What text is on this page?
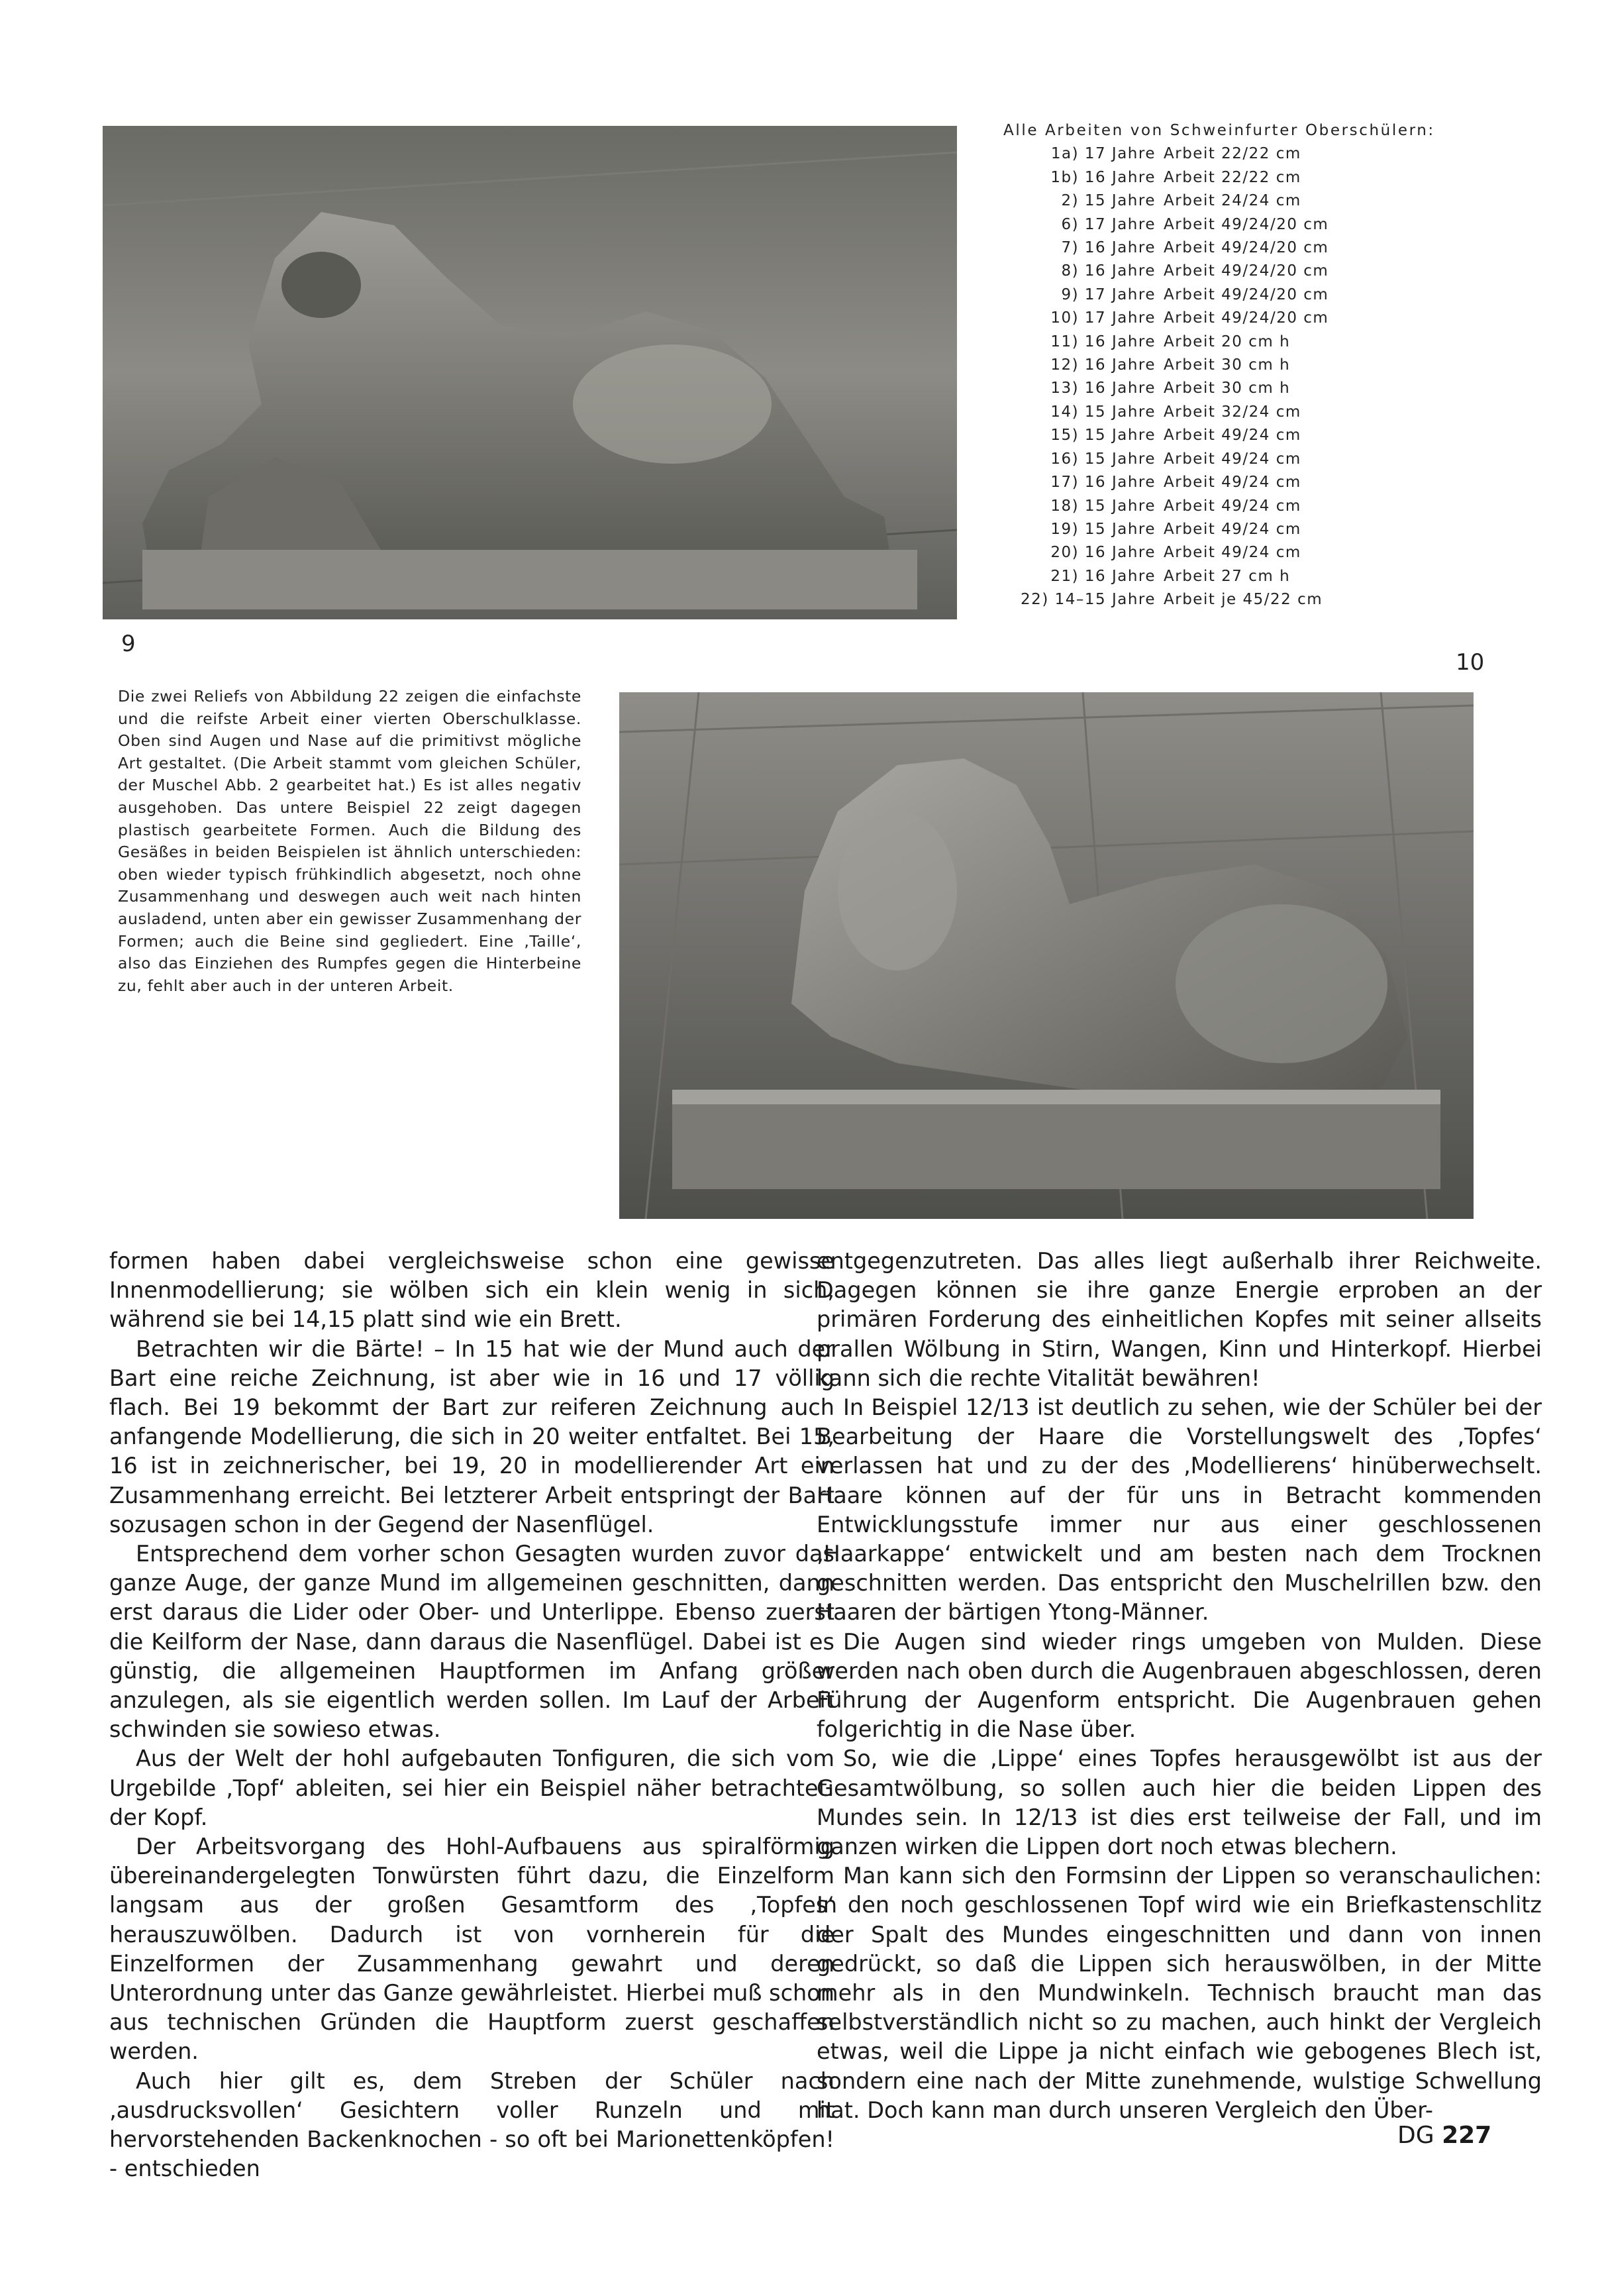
9
Alle Arbeiten von Schweinfurter Oberschülern:
1a) 17 Jahre	Arbeit 22/22 cm
1b) 16 Jahre	Arbeit 22/22 cm
2) 15 Jahre	Arbeit 24/24 cm
6) 17 Jahre	Arbeit 49/24/20 cm
7) 16 Jahre	Arbeit 49/24/20 cm
8) 16 Jahre	Arbeit 49/24/20 cm
9) 17 Jahre	Arbeit 49/24/20 cm
10) 17 Jahre	Arbeit 49/24/20 cm
11) 16 Jahre	Arbeit 20 cm h
12) 16 Jahre	Arbeit 30 cm h
13) 16 Jahre	Arbeit 30 cm h
14) 15 Jahre	Arbeit 32/24 cm
15) 15 Jahre	Arbeit 49/24 cm
16) 15 Jahre	Arbeit 49/24 cm
17) 16 Jahre	Arbeit 49/24 cm
18) 15 Jahre	Arbeit 49/24 cm
19) 15 Jahre	Arbeit 49/24 cm
20) 16 Jahre	Arbeit 49/24 cm
21) 16 Jahre	Arbeit 27 cm h
22) 14–15 Jahre	Arbeit je 45/22 cm
10
Die zwei Reliefs von Abbildung 22 zeigen die einfachste und die reifste Arbeit einer vierten Oberschulklasse. Oben sind Augen und Nase auf die primitivst mögliche Art gestaltet. (Die Arbeit stammt vom gleichen Schüler, der Muschel Abb. 2 gearbeitet hat.) Es ist alles negativ ausgehoben. Das untere Beispiel 22 zeigt dagegen plastisch gearbeitete Formen. Auch die Bildung des Gesäßes in beiden Beispielen ist ähnlich unterschieden: oben wieder typisch frühkindlich abgesetzt, noch ohne Zusammenhang und deswegen auch weit nach hinten ausladend, unten aber ein gewisser Zusammenhang der Formen; auch die Beine sind gegliedert. Eine ‚Taille‘, also das Einziehen des Rumpfes gegen die Hinterbeine zu, fehlt aber auch in der unteren Arbeit.

formen haben dabei vergleichsweise schon eine gewisse Innenmodellierung; sie wölben sich ein klein wenig in sich, während sie bei 14,15 platt sind wie ein Brett.

Betrachten wir die Bärte! – In 15 hat wie der Mund auch der Bart eine reiche Zeichnung, ist aber wie in 16 und 17 völlig flach. Bei 19 bekommt der Bart zur reiferen Zeichnung auch anfangende Modellierung, die sich in 20 weiter entfaltet. Bei 15, 16 ist in zeichnerischer, bei 19, 20 in modellierender Art ein Zusammenhang erreicht. Bei letzterer Arbeit entspringt der Bart sozusagen schon in der Gegend der Nasenflügel.

Entsprechend dem vorher schon Gesagten wurden zuvor das ganze Auge, der ganze Mund im allgemeinen geschnitten, dann erst daraus die Lider oder Ober- und Unterlippe. Ebenso zuerst die Keilform der Nase, dann daraus die Nasenflügel. Dabei ist es günstig, die allgemeinen Hauptformen im Anfang größer anzulegen, als sie eigentlich werden sollen. Im Lauf der Arbeit schwinden sie sowieso etwas.

Aus der Welt der hohl aufgebauten Tonfiguren, die sich vom Urgebilde ‚Topf‘ ableiten, sei hier ein Beispiel näher betrachtet: der Kopf.

Der Arbeitsvorgang des Hohl-Aufbauens aus spiralförmig übereinandergelegten Tonwürsten führt dazu, die Einzelform langsam aus der großen Gesamtform des ‚Topfes‘ herauszuwölben. Dadurch ist von vornherein für die Einzelformen der Zusammenhang gewahrt und deren Unterordnung unter das Ganze gewährleistet. Hierbei muß schon aus technischen Gründen die Hauptform zuerst geschaffen werden.

Auch hier gilt es, dem Streben der Schüler nach ‚ausdrucksvollen‘ Gesichtern voller Runzeln und mit hervorstehenden Backenknochen - so oft bei Marionettenköpfen! - entschieden

entgegenzutreten. Das alles liegt außerhalb ihrer Reichweite. Dagegen können sie ihre ganze Energie erproben an der primären Forderung des einheitlichen Kopfes mit seiner allseits prallen Wölbung in Stirn, Wangen, Kinn und Hinterkopf. Hierbei kann sich die rechte Vitalität bewähren!

In Beispiel 12/13 ist deutlich zu sehen, wie der Schüler bei der Bearbeitung der Haare die Vorstellungswelt des ‚Topfes‘ verlassen hat und zu der des ‚Modellierens‘ hinüberwechselt. Haare können auf der für uns in Betracht kommenden Entwicklungsstufe immer nur aus einer geschlossenen ‚Haarkappe‘ entwickelt und am besten nach dem Trocknen geschnitten werden. Das entspricht den Muschelrillen bzw. den Haaren der bärtigen Ytong-Männer.

Die Augen sind wieder rings umgeben von Mulden. Diese werden nach oben durch die Augenbrauen abgeschlossen, deren Führung der Augenform entspricht. Die Augenbrauen gehen folgerichtig in die Nase über.

So, wie die ‚Lippe‘ eines Topfes herausgewölbt ist aus der Gesamtwölbung, so sollen auch hier die beiden Lippen des Mundes sein. In 12/13 ist dies erst teilweise der Fall, und im ganzen wirken die Lippen dort noch etwas blechern.

Man kann sich den Formsinn der Lippen so veranschaulichen: In den noch geschlossenen Topf wird wie ein Briefkastenschlitz der Spalt des Mundes eingeschnitten und dann von innen gedrückt, so daß die Lippen sich herauswölben, in der Mitte mehr als in den Mundwinkeln. Technisch braucht man das selbstverständlich nicht so zu machen, auch hinkt der Vergleich etwas, weil die Lippe ja nicht einfach wie gebogenes Blech ist, sondern eine nach der Mitte zunehmende, wulstige Schwellung hat. Doch kann man durch unseren Vergleich den Über-

DG 227
